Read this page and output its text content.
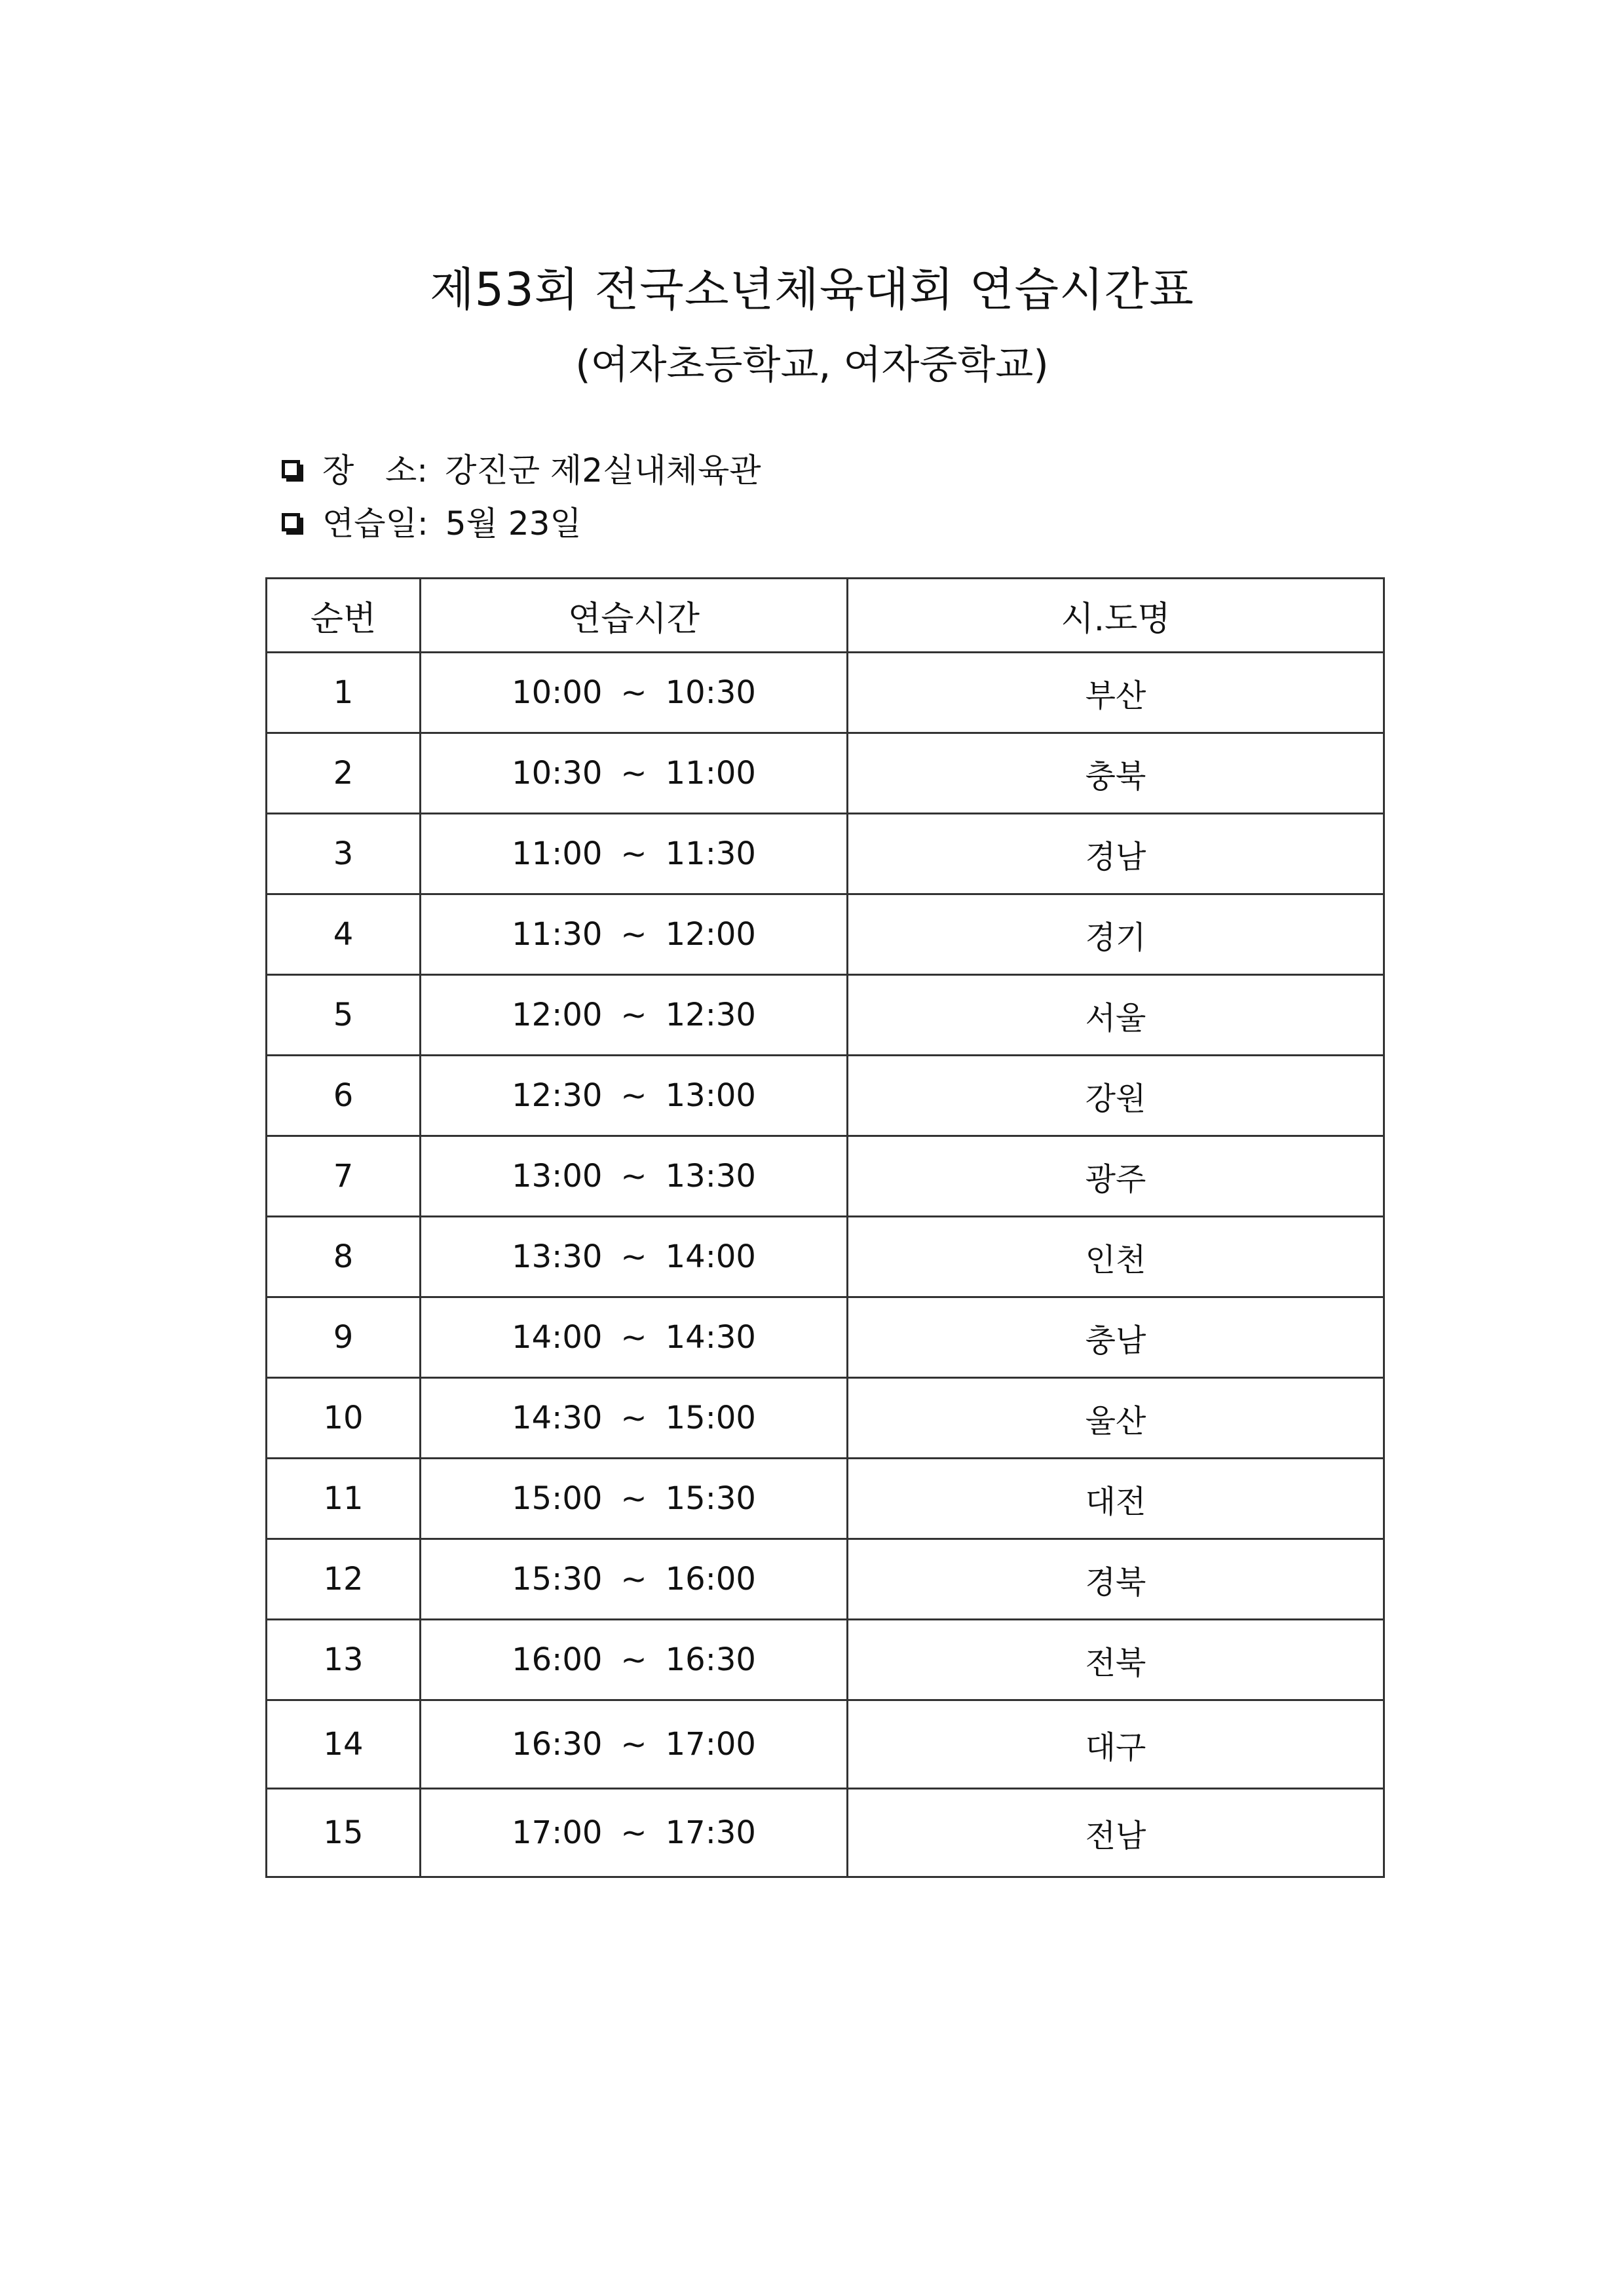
제53회 전국소년체육대회 연습시간표
(여자초등학교, 여자중학교)
장   소: 강진군 제2실내체육관
연습일: 5월 23일
순번	연습시간	시.도명
1	10:00 ~ 10:30	부산
2	10:30 ~ 11:00	충북
3	11:00 ~ 11:30	경남
4	11:30 ~ 12:00	경기
5	12:00 ~ 12:30	서울
6	12:30 ~ 13:00	강원
7	13:00 ~ 13:30	광주
8	13:30 ~ 14:00	인천
9	14:00 ~ 14:30	충남
10	14:30 ~ 15:00	울산
11	15:00 ~ 15:30	대전
12	15:30 ~ 16:00	경북
13	16:00 ~ 16:30	전북
14	16:30 ~ 17:00	대구
15	17:00 ~ 17:30	전남
